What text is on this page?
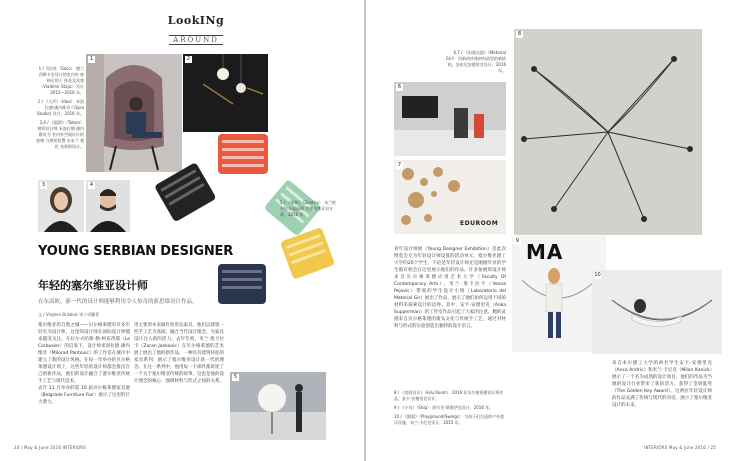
LookINg
AROUND

1 / 马拉杜（Saco） 德兰西斯卡尼设计的室内外 座椅可用于 休息及冥想（Vladimir Stajic）设计 2015—2016 年。

2 / 《大声》（Idea） 米洛拉德·潘内维奇 ( Opra Studio) 设计，2016 年。

3,4 / 《圆滑》（Totem） 照明设计师 米洛拉德·潘内维奇为 室内外空间设计的座椅 与照明装置 由米兰 曼佐 布鲁斯设计。

1	2
3	4

5 / 《家和》（Zentrix） 米兰欧卡拉卡桌面椅 为塞尔维亚设计师，2016 年。

YOUNG SERBIAN DESIGNER
年轻的塞尔维亚设计师
在东南欧，新一代的设计师能够利用令人惊奇的新思维设计作品。
文 / Virginie Brisbois 译 / 周馨菁

塞尔维亚的自然之城——贝尔格莱德有许多年轻有为设计师，这里的设计师在国际设计界越来越受关注。在拉尔夫哈斯·勒·柯布西耶（Le Corbusier）的启发下，设计师米洛拉德·潘内维奇（Milorad Pantovic）的工作室在城市中建立了新的设计风格。在每一年举办的贝尔格莱德设计周上，这些年轻的设计师都会推出自己的新作品，他们的设计融合了塞尔维亚传统手工艺与现代技术。

去年 11 月举办的第 10 届贝尔格莱德家具展（Belgrade Furniture Fair）展示了这里的巨大潜力。

用主要原木来做有机形态家具，他们以建筑一些手工艺为基础，融合当代设计理念，为家具设计注入新的活力。去年年初，米兰·奥卡拉卡（Zoran Jankovic）在贝尔格莱德的艺术展上展出了他的新作品，一种具有建筑特征的家具系列，展示了塞尔维亚设计新一代的理念。在这一系列中，他用每一个部件都讲述了一个关于塞尔维亚传统的故事，这也是他的设计理念的核心，强调材料与形式之间的关系。

5
24 / May & June 2016 INTERIORS

6,7 / 《沟通交流》（Material Girl） 用新的传统材料造型的新结构，安东尼安德里克设计，2016 年。

6
7
EDUROOM
8

青年设计师展（Young Designer Exhibition）是此次博览会专为年轻设计师设置的活动单元。塞尔维亚理工大学的20个学生，不论是年轻设计师还是刚刚毕业的学生都有机会在这里展示他们的作品。许多参展的设计师来自贝尔格莱德应用艺术大学（Faculty Of Contemporary Arts）。米兰·奥卡拉卡（Vesna Pejovic）带领的学生设计小组（Laboratorio del Material Gir）展出了作品，展示了他们如何运用不同的材料来探索设计的边界。其中，安卡·安德里克（Anka Supperman）的工作室作品引起了大家的注意，她的灵感来自贝尔格莱德的街头文化与传统手工艺，通过对材料与形式的实验创造出独特的设计语言。

9 MA
10

8 / 《房间设计》（Edu Room） 2016 年贝尔格莱德设计周作品，安卡·安德里克设计。

9 / 《小鸟》（Ship） 阿尔尼·斯塔伊克设计，2016 年。

10 / 《圆弧》（Playground/Swings） 为孩子们打造的户外游乐设施，米兰·卡尼克设计，2015 年。

来自本尔德工大学的两名学生安卡·安德里克（Anca Andric）和米兰·卡尼克（Milan Kanick）展示了一个名为成熟的设计项目，他们的作品为当地的设计行业带来了新的活力，获得了金钥匙奖（The Golden Key Award）。这两位年轻设计师的作品充满了传统与现代的对话，展示了塞尔维亚设计的未来。

INTERIORS May & June 2016 / 25
